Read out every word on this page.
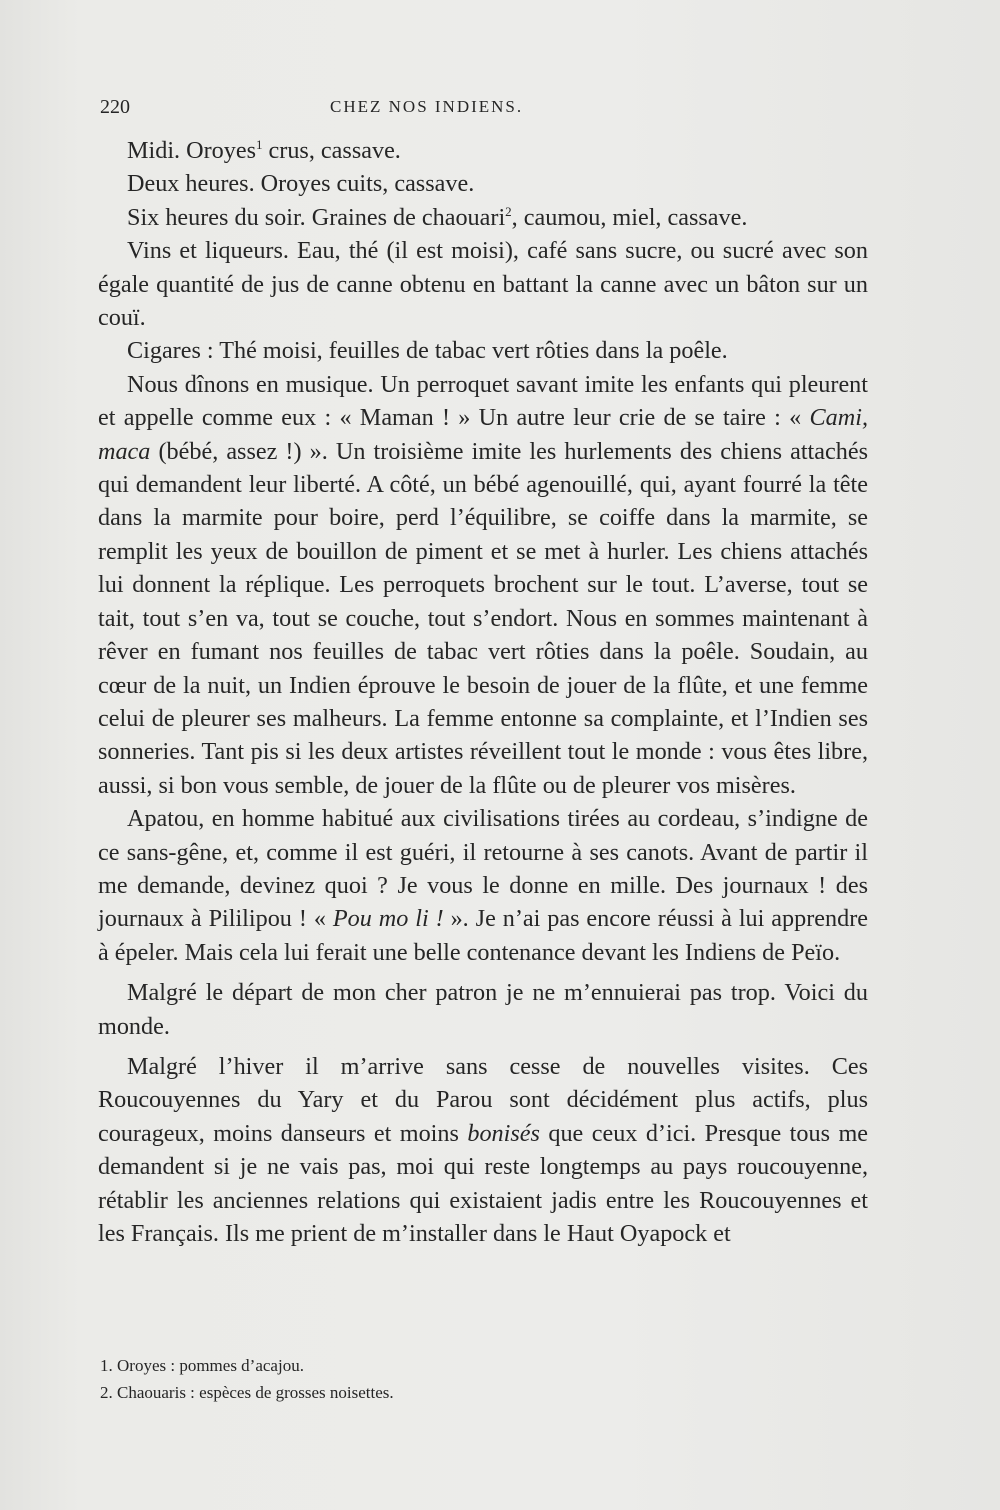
220	CHEZ NOS INDIENS.

Midi. Oroyes$^1$ crus, cassave.

Deux heures. Oroyes cuits, cassave.

Six heures du soir. Graines de chaouari$^2$, caumou, miel, cassave.

Vins et liqueurs. Eau, thé (il est moisi), café sans sucre, ou sucré avec son égale quantité de jus de canne obtenu en battant la canne avec un bâton sur un couï.

Cigares : Thé moisi, feuilles de tabac vert rôties dans la poêle.

Nous dînons en musique. Un perroquet savant imite les enfants qui pleurent et appelle comme eux : « Maman ! » Un autre leur crie de se taire : « Cami, maca (bébé, assez !) ». Un troisième imite les hurlements des chiens attachés qui demandent leur liberté. A côté, un bébé agenouillé, qui, ayant fourré la tête dans la marmite pour boire, perd l’équilibre, se coiffe dans la marmite, se remplit les yeux de bouillon de piment et se met à hurler. Les chiens attachés lui donnent la réplique. Les perroquets brochent sur le tout. L’averse, tout se tait, tout s’en va, tout se couche, tout s’endort. Nous en sommes maintenant à rêver en fumant nos feuilles de tabac vert rôties dans la poêle. Soudain, au cœur de la nuit, un Indien éprouve le besoin de jouer de la flûte, et une femme celui de pleurer ses malheurs. La femme entonne sa complainte, et l’Indien ses sonneries. Tant pis si les deux artistes réveillent tout le monde : vous êtes libre, aussi, si bon vous semble, de jouer de la flûte ou de pleurer vos misères.

Apatou, en homme habitué aux civilisations tirées au cordeau, s’indigne de ce sans-gêne, et, comme il est guéri, il retourne à ses canots. Avant de partir il me demande, devinez quoi ? Je vous le donne en mille. Des journaux ! des journaux à Pililipou ! « Pou mo li ! ». Je n’ai pas encore réussi à lui apprendre à épeler. Mais cela lui ferait une belle contenance devant les Indiens de Peïo.

Malgré le départ de mon cher patron je ne m’ennuierai pas trop. Voici du monde.

Malgré l’hiver il m’arrive sans cesse de nouvelles visites. Ces Roucouyennes du Yary et du Parou sont décidément plus actifs, plus courageux, moins danseurs et moins bonisés que ceux d’ici. Presque tous me demandent si je ne vais pas, moi qui reste longtemps au pays roucouyenne, rétablir les anciennes relations qui existaient jadis entre les Roucouyennes et les Français. Ils me prient de m’installer dans le Haut Oyapock et

1. Oroyes : pommes d’acajou.
2. Chaouaris : espèces de grosses noisettes.
